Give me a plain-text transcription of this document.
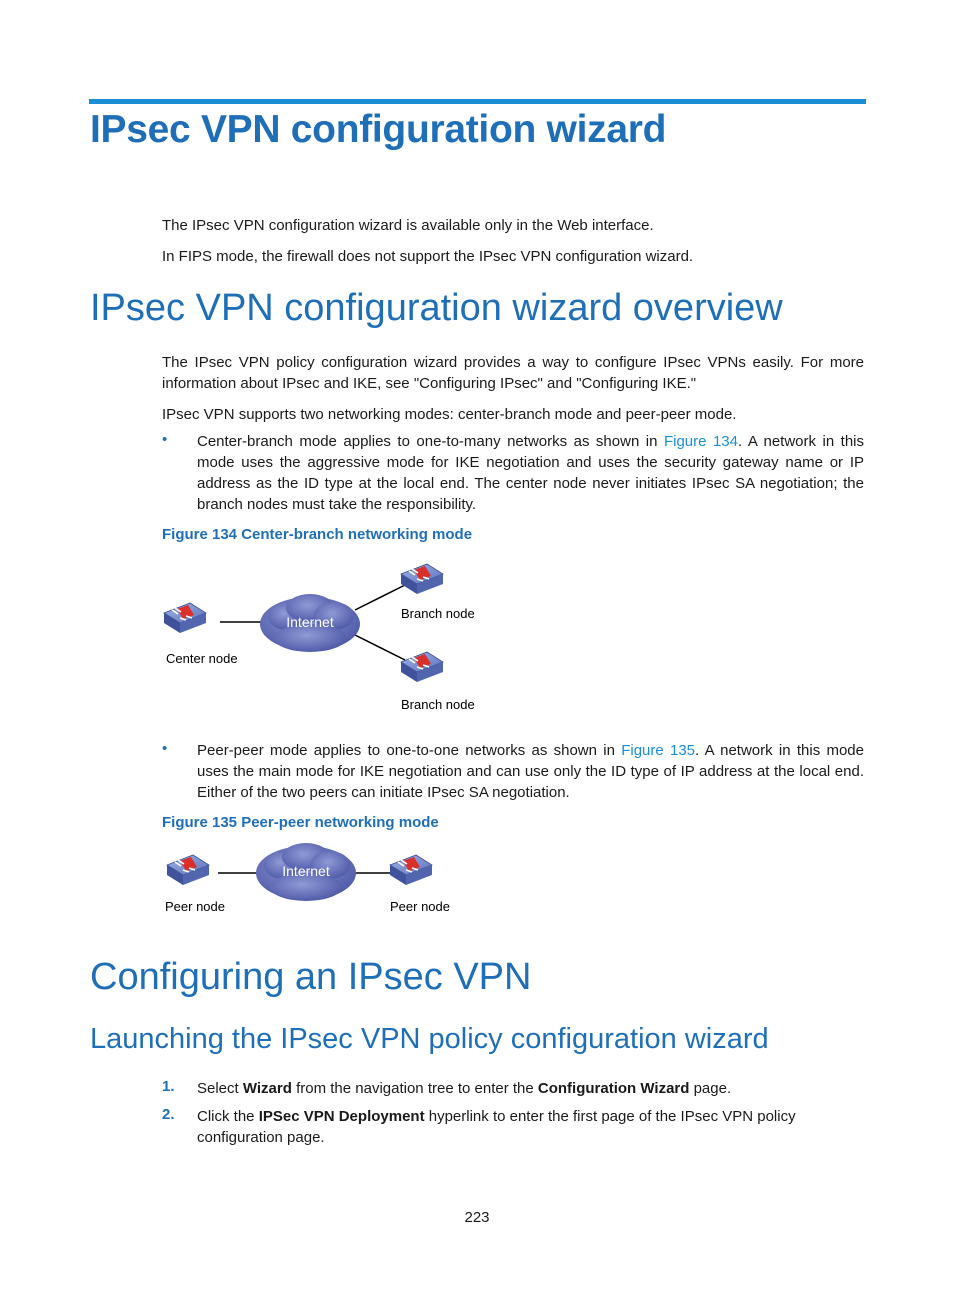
IPsec VPN configuration wizard
The IPsec VPN configuration wizard is available only in the Web interface.
In FIPS mode, the firewall does not support the IPsec VPN configuration wizard.
IPsec VPN configuration wizard overview
The IPsec VPN policy configuration wizard provides a way to configure IPsec VPNs easily. For more information about IPsec and IKE, see "Configuring IPsec" and "Configuring IKE."
IPsec VPN supports two networking modes: center-branch mode and peer-peer mode.
• Center-branch mode applies to one-to-many networks as shown in Figure 134. A network in this mode uses the aggressive mode for IKE negotiation and uses the security gateway name or IP address as the ID type at the local end. The center node never initiates IPsec SA negotiation; the branch nodes must take the responsibility.
Figure 134 Center-branch networking mode
Internet
Center node
Branch node
Branch node
• Peer-peer mode applies to one-to-one networks as shown in Figure 135. A network in this mode uses the main mode for IKE negotiation and can use only the ID type of IP address at the local end. Either of the two peers can initiate IPsec SA negotiation.
Figure 135 Peer-peer networking mode
Internet
Peer node	Peer node
Configuring an IPsec VPN
Launching the IPsec VPN policy configuration wizard
1. Select Wizard from the navigation tree to enter the Configuration Wizard page.
2. Click the IPSec VPN Deployment hyperlink to enter the first page of the IPsec VPN policy configuration page.
223
